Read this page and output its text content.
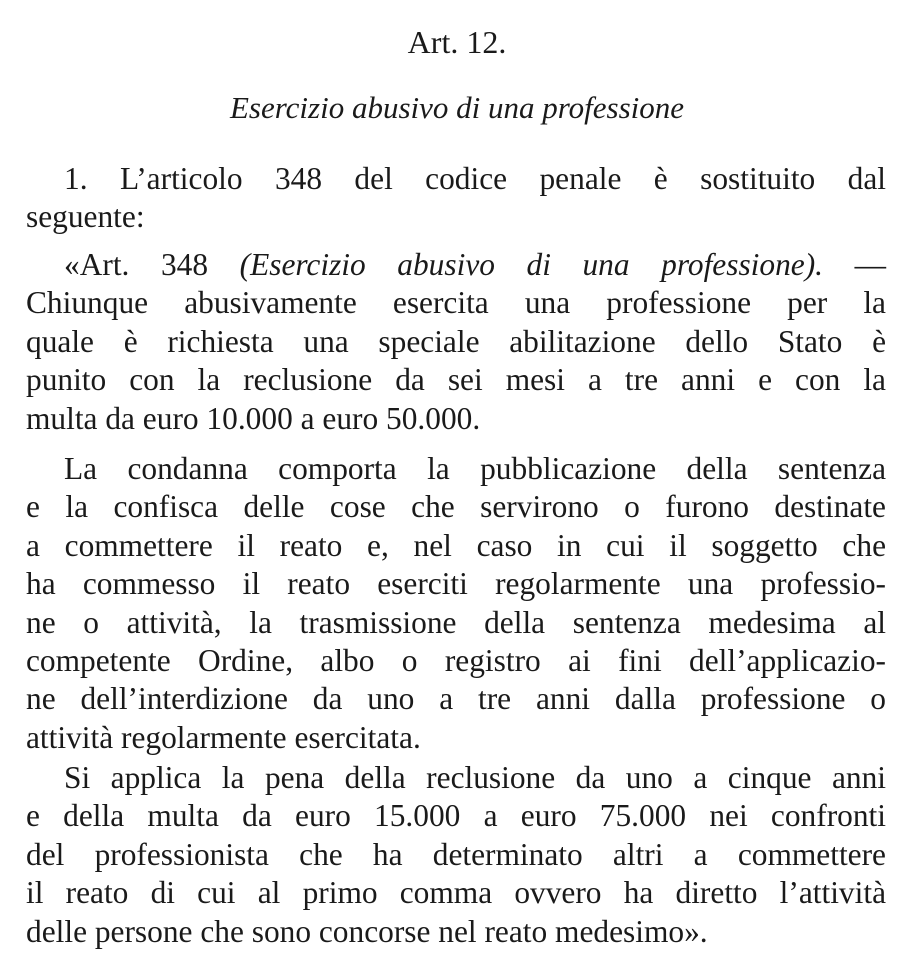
Art. 12.
Esercizio abusivo di una professione
1. L’articolo 348 del codice penale è sostituito dal
seguente:
«Art. 348 (Esercizio abusivo di una professione). —
Chiunque abusivamente esercita una professione per la
quale è richiesta una speciale abilitazione dello Stato è
punito con la reclusione da sei mesi a tre anni e con la
multa da euro 10.000 a euro 50.000.
La condanna comporta la pubblicazione della sentenza
e la confisca delle cose che servirono o furono destinate
a commettere il reato e, nel caso in cui il soggetto che
ha commesso il reato eserciti regolarmente una professio-
ne o attività, la trasmissione della sentenza medesima al
competente Ordine, albo o registro ai fini dell’applicazio-
ne dell’interdizione da uno a tre anni dalla professione o
attività regolarmente esercitata.
Si applica la pena della reclusione da uno a cinque anni
e della multa da euro 15.000 a euro 75.000 nei confronti
del professionista che ha determinato altri a commettere
il reato di cui al primo comma ovvero ha diretto l’attività
delle persone che sono concorse nel reato medesimo».
